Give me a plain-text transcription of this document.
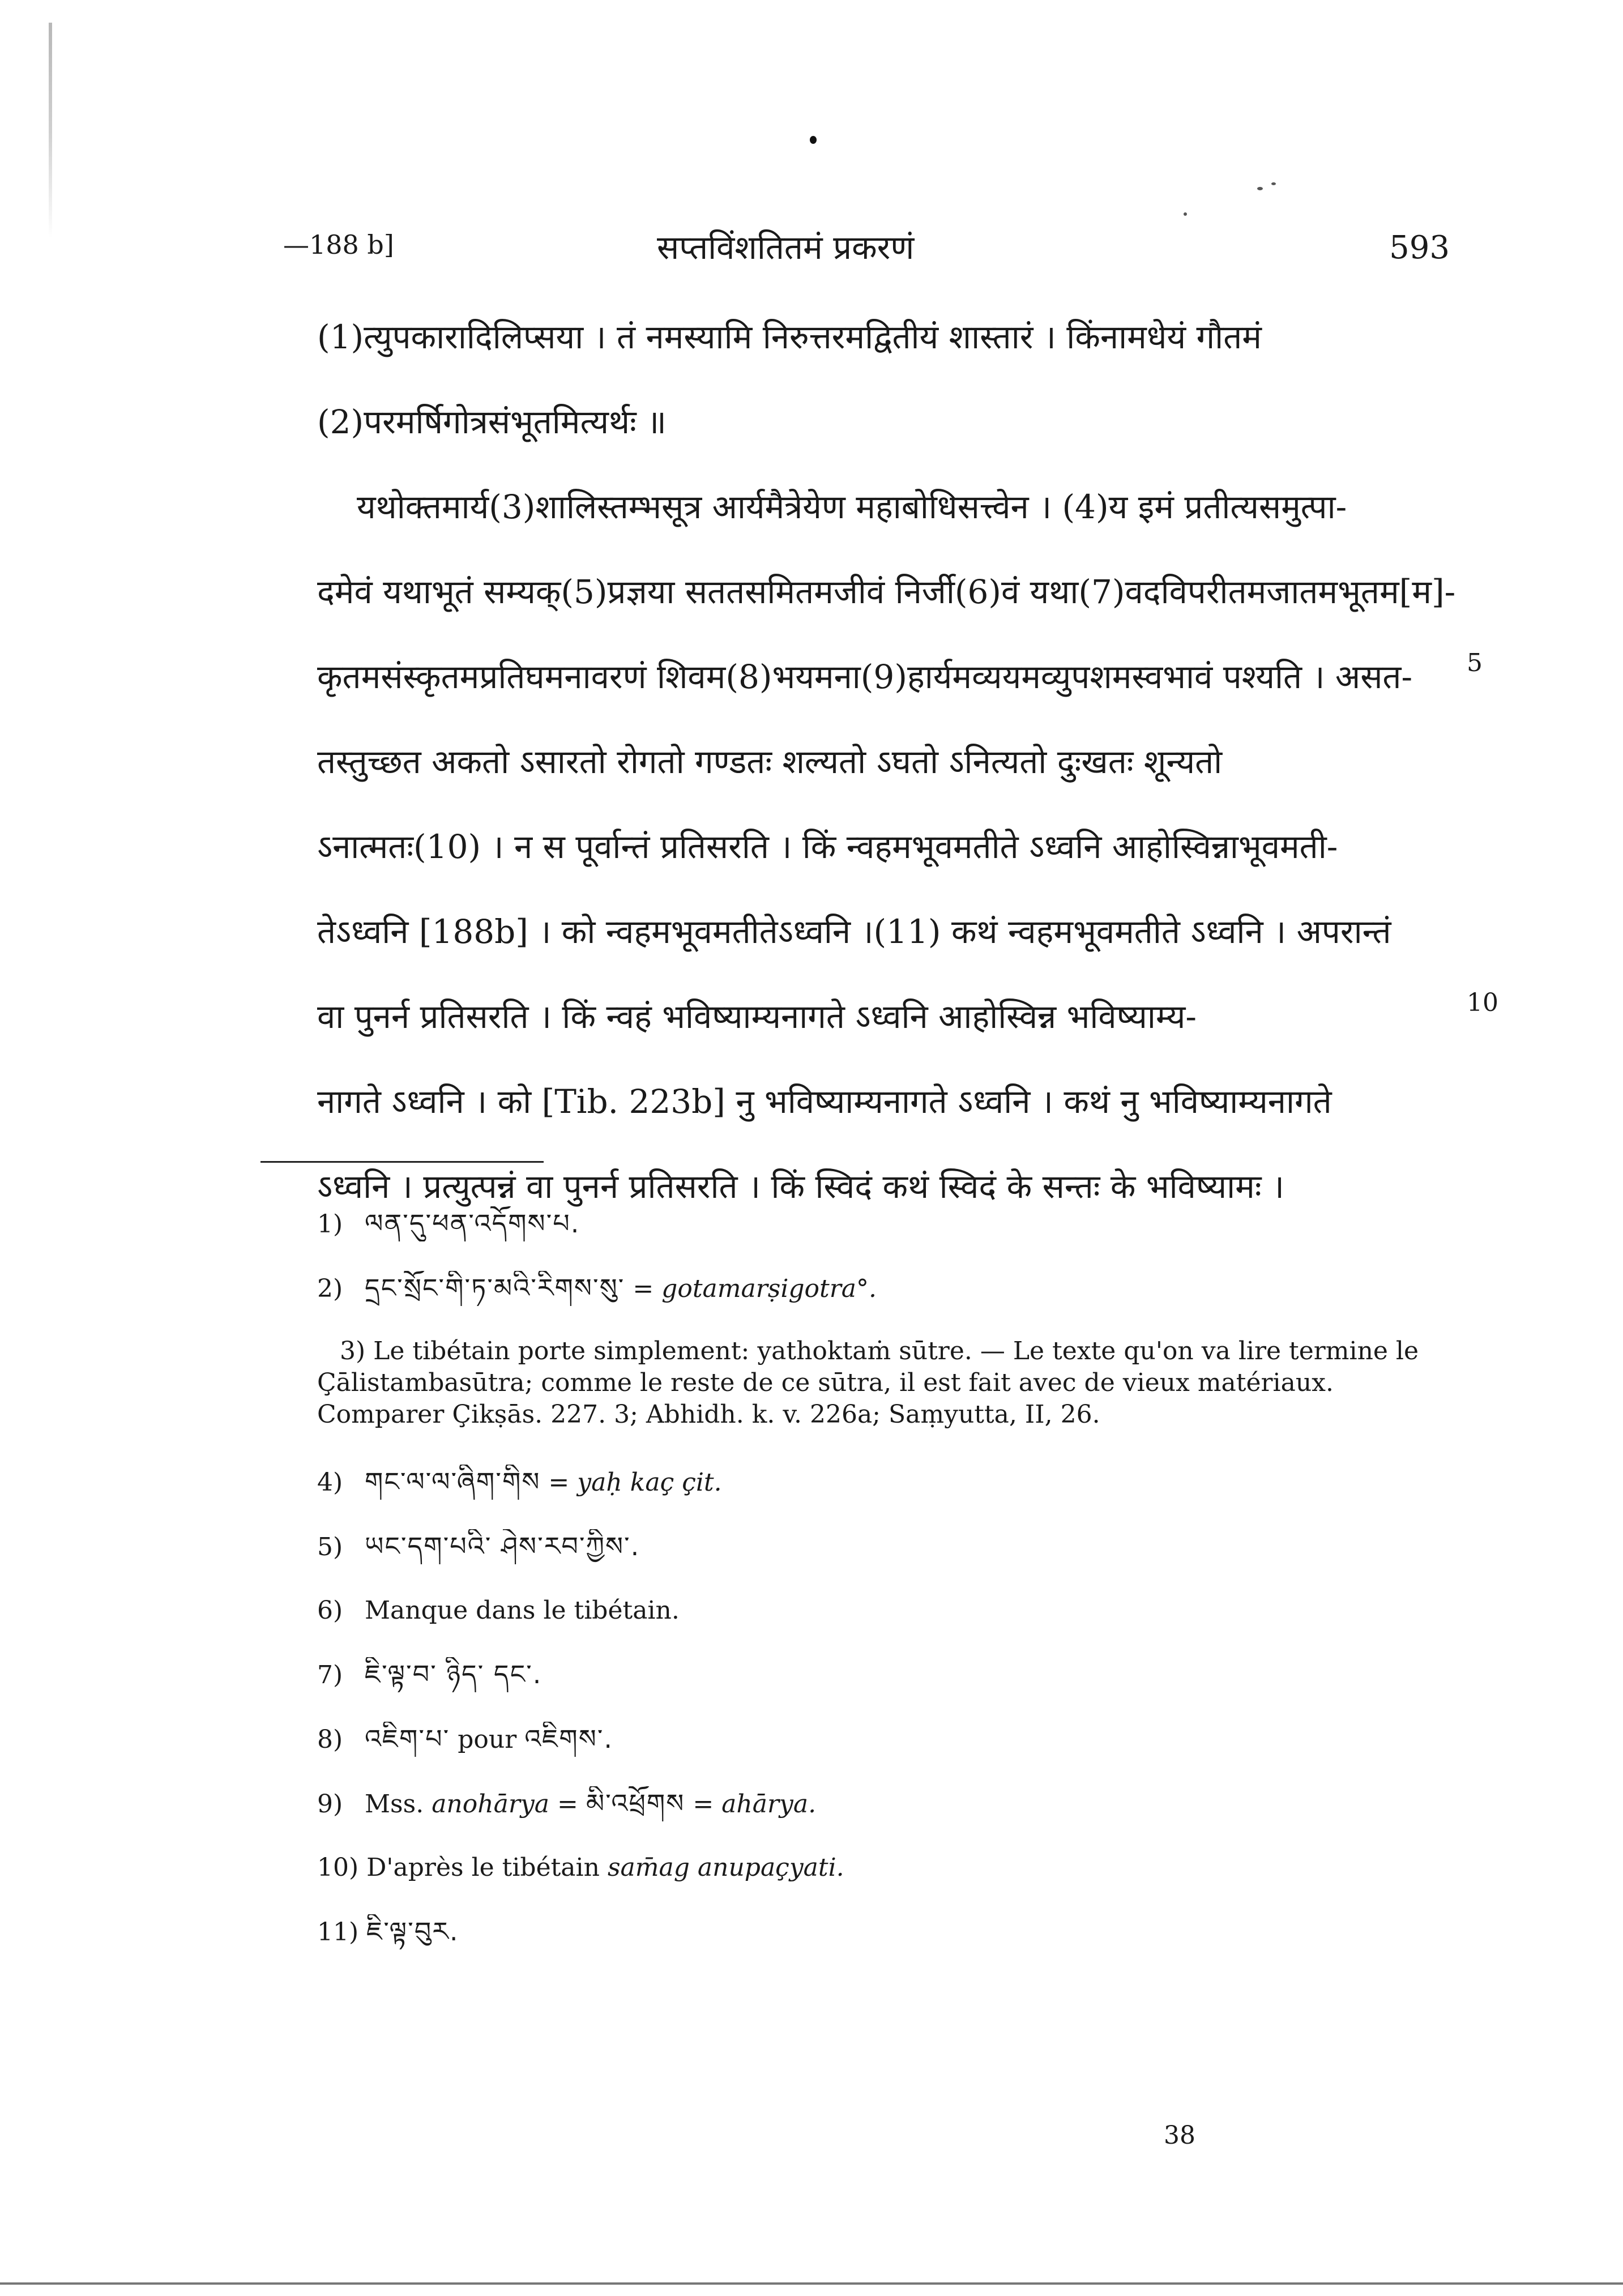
—188 b]	सप्तविंशतितमं प्रकरणं	593
(1)त्युपकारादिलिप्सया । तं नमस्यामि निरुत्तरमद्वितीयं शास्तारं । किंनामधेयं गौतमं
(2)परमर्षिगोत्रसंभूतमित्यर्थः ॥
यथोक्तमार्य(3)शालिस्तम्भसूत्र आर्यमैत्रेयेण महाबोधिसत्त्वेन । (4)य इमं प्रतीत्यसमुत्पा-
दमेवं यथाभूतं सम्यक्(5)प्रज्ञया सततसमितमजीवं निर्जी(6)वं यथा(7)वदविपरीतमजातमभूतम[म]-
कृतमसंस्कृतमप्रतिघमनावरणं शिवम(8)भयमना(9)हार्यमव्ययमव्युपशमस्वभावं पश्यति । असत-
तस्तुच्छत अकतो ऽसारतो रोगतो गण्डतः शल्यतो ऽघतो ऽनित्यतो दुःखतः शून्यतो
ऽनात्मतः(10) । न स पूर्वान्तं प्रतिसरति । किं न्वहमभूवमतीते ऽध्वनि आहोस्विन्नाभूवमती-
तेऽध्वनि [188b] । को न्वहमभूवमतीतेऽध्वनि ।(11) कथं न्वहमभूवमतीते ऽध्वनि । अपरान्तं
वा पुनर्न प्रतिसरति । किं न्वहं भविष्याम्यनागते ऽध्वनि आहोस्विन्न भविष्याम्य-
नागते ऽध्वनि । को [Tib. 223b] नु भविष्याम्यनागते ऽध्वनि । कथं नु भविष्याम्यनागते
ऽध्वनि । प्रत्युत्पन्नं वा पुनर्न प्रतिसरति । किं स्विदं कथं स्विदं के सन्तः के भविष्यामः ।
5
10
1) ལན་དུ་ཕན་འདོགས་པ.
2) དྲང་སྲོང་གི་ཏ་མའི་རིགས་སུ་ = gotamarṣigotra°.
3) Le tibétain porte simplement: yathoktaṁ sūtre. — Le texte qu'on va lire termine le Çālistambasūtra; comme le reste de ce sūtra, il est fait avec de vieux matériaux. Comparer Çikṣās. 227. 3; Abhidh. k. v. 226a; Saṃyutta, II, 26.
4) གང་ལ་ལ་ཞིག་གིས = yaḥ kaç çit.
5) ཡང་དག་པའི་ ཤེས་རབ་ཀྱིས་.
6) Manque dans le tibétain.
7) ཇི་ལྟ་བ་ ཉིད་ དང་.
8) འཇིག་པ་ pour འཇིགས་.
9) Mss. anohārya = མི་འཕྲོགས = ahārya.
10) D'après le tibétain sam̄ag anupaçyati.
11) ཇི་ལྟ་བུར.
38
